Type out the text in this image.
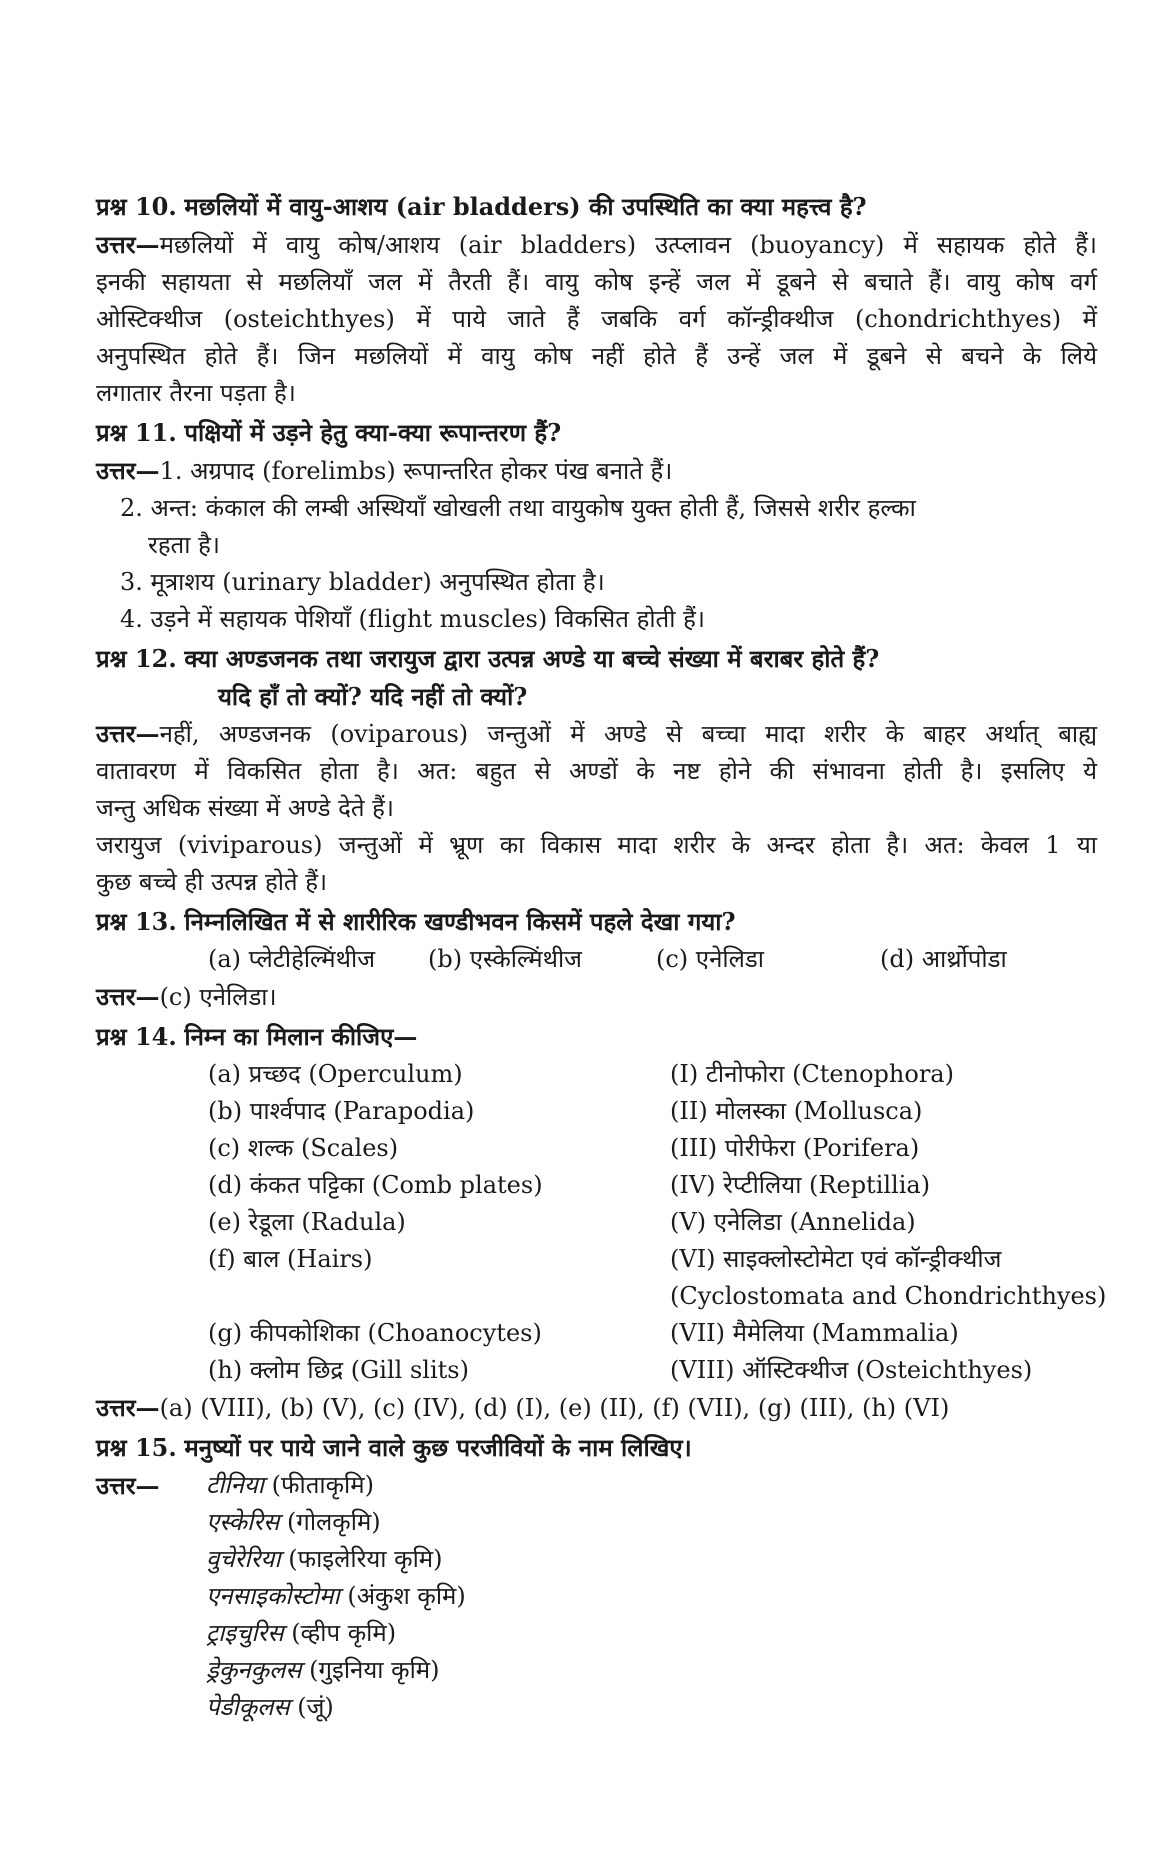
प्रश्न 10. मछलियों में वायु-आशय (air bladders) की उपस्थिति का क्या महत्त्व है?

उत्तर—मछलियों में वायु कोष/आशय (air bladders) उत्प्लावन (buoyancy) में सहायक होते हैं।

इनकी सहायता से मछलियाँ जल में तैरती हैं। वायु कोष इन्हें जल में डूबने से बचाते हैं। वायु कोष वर्ग

ओस्टिक्थीज (osteichthyes) में पाये जाते हैं जबकि वर्ग कॉन्ड्रीक्थीज (chondrichthyes) में

अनुपस्थित होते हैं। जिन मछलियों में वायु कोष नहीं होते हैं उन्हें जल में डूबने से बचने के लिये

लगातार तैरना पड़ता है।

प्रश्न 11. पक्षियों में उड़ने हेतु क्या-क्या रूपान्तरण हैं?

उत्तर—1. अग्रपाद (forelimbs) रूपान्तरित होकर पंख बनाते हैं।

2. अन्त: कंकाल की लम्बी अस्थियाँ खोखली तथा वायुकोष युक्त होती हैं, जिससे शरीर हल्का

रहता है।

3. मूत्राशय (urinary bladder) अनुपस्थित होता है।

4. उड़ने में सहायक पेशियाँ (flight muscles) विकसित होती हैं।

प्रश्न 12. क्या अण्डजनक तथा जरायुज द्वारा उत्पन्न अण्डे या बच्चे संख्या में बराबर होते हैं?

यदि हाँ तो क्यों? यदि नहीं तो क्यों?

उत्तर—नहीं, अण्डजनक (oviparous) जन्तुओं में अण्डे से बच्चा मादा शरीर के बाहर अर्थात् बाह्य

वातावरण में विकसित होता है। अत: बहुत से अण्डों के नष्ट होने की संभावना होती है। इसलिए ये

जन्तु अधिक संख्या में अण्डे देते हैं।

जरायुज (viviparous) जन्तुओं में भ्रूण का विकास मादा शरीर के अन्दर होता है। अत: केवल 1 या

कुछ बच्चे ही उत्पन्न होते हैं।

प्रश्न 13. निम्नलिखित में से शारीरिक खण्डीभवन किसमें पहले देखा गया?

(a) प्लेटीहेल्मिंथीज	(b) एस्केल्मिंथीज	(c) एनेलिडा	(d) आर्थ्रोपोडा

उत्तर—(c) एनेलिडा।

प्रश्न 14. निम्न का मिलान कीजिए—

(a) प्रच्छद (Operculum)	(I) टीनोफोरा (Ctenophora)
(b) पार्श्वपाद (Parapodia)	(II) मोलस्का (Mollusca)
(c) शल्क (Scales)	(III) पोरीफेरा (Porifera)
(d) कंकत पट्टिका (Comb plates)	(IV) रेप्टीलिया (Reptillia)
(e) रेडूला (Radula)	(V) एनेलिडा (Annelida)
(f) बाल (Hairs)	(VI) साइक्लोस्टोमेटा एवं कॉन्ड्रीक्थीज
(Cyclostomata and Chondrichthyes)
(g) कीपकोशिका (Choanocytes)	(VII) मैमेलिया (Mammalia)
(h) क्लोम छिद्र (Gill slits)	(VIII) ऑस्टिक्थीज (Osteichthyes)

उत्तर—(a) (VIII), (b) (V), (c) (IV), (d) (I), (e) (II), (f) (VII), (g) (III), (h) (VI)

प्रश्न 15. मनुष्यों पर पाये जाने वाले कुछ परजीवियों के नाम लिखिए।

उत्तर—	टीनिया (फीताकृमि)
एस्केरिस (गोलकृमि)
वुचेरेरिया (फाइलेरिया कृमि)
एनसाइकोस्टोमा (अंकुश कृमि)
ट्राइचुरिस (व्हीप कृमि)
ड्रेकुनकुलस (गुइनिया कृमि)
पेडीकूलस (जूं)
